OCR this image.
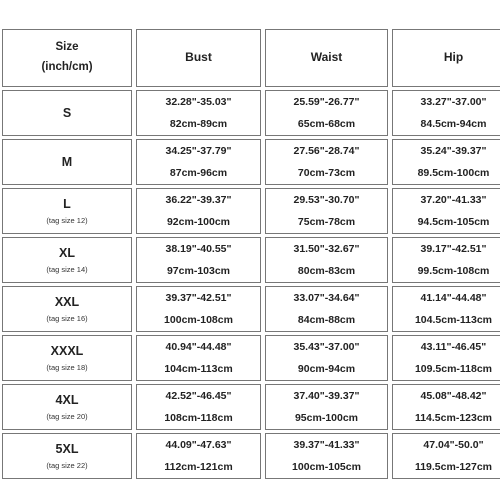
Size
(inch/cm)
Bust	Waist	Hip
S
32.28"-35.03"
82cm-89cm
25.59"-26.77"
65cm-68cm
33.27"-37.00"
84.5cm-94cm
M
34.25"-37.79"
87cm-96cm
27.56"-28.74"
70cm-73cm
35.24"-39.37"
89.5cm-100cm
L
(tag size 12)
36.22"-39.37"
92cm-100cm
29.53"-30.70"
75cm-78cm
37.20"-41.33"
94.5cm-105cm
XL
(tag size 14)
38.19"-40.55"
97cm-103cm
31.50"-32.67"
80cm-83cm
39.17"-42.51"
99.5cm-108cm
XXL
(tag size 16)
39.37"-42.51"
100cm-108cm
33.07"-34.64"
84cm-88cm
41.14"-44.48"
104.5cm-113cm
XXXL
(tag size 18)
40.94"-44.48"
104cm-113cm
35.43"-37.00"
90cm-94cm
43.11"-46.45"
109.5cm-118cm
4XL
(tag size 20)
42.52"-46.45"
108cm-118cm
37.40"-39.37"
95cm-100cm
45.08"-48.42"
114.5cm-123cm
5XL
(tag size 22)
44.09"-47.63"
112cm-121cm
39.37"-41.33"
100cm-105cm
47.04"-50.0"
119.5cm-127cm
